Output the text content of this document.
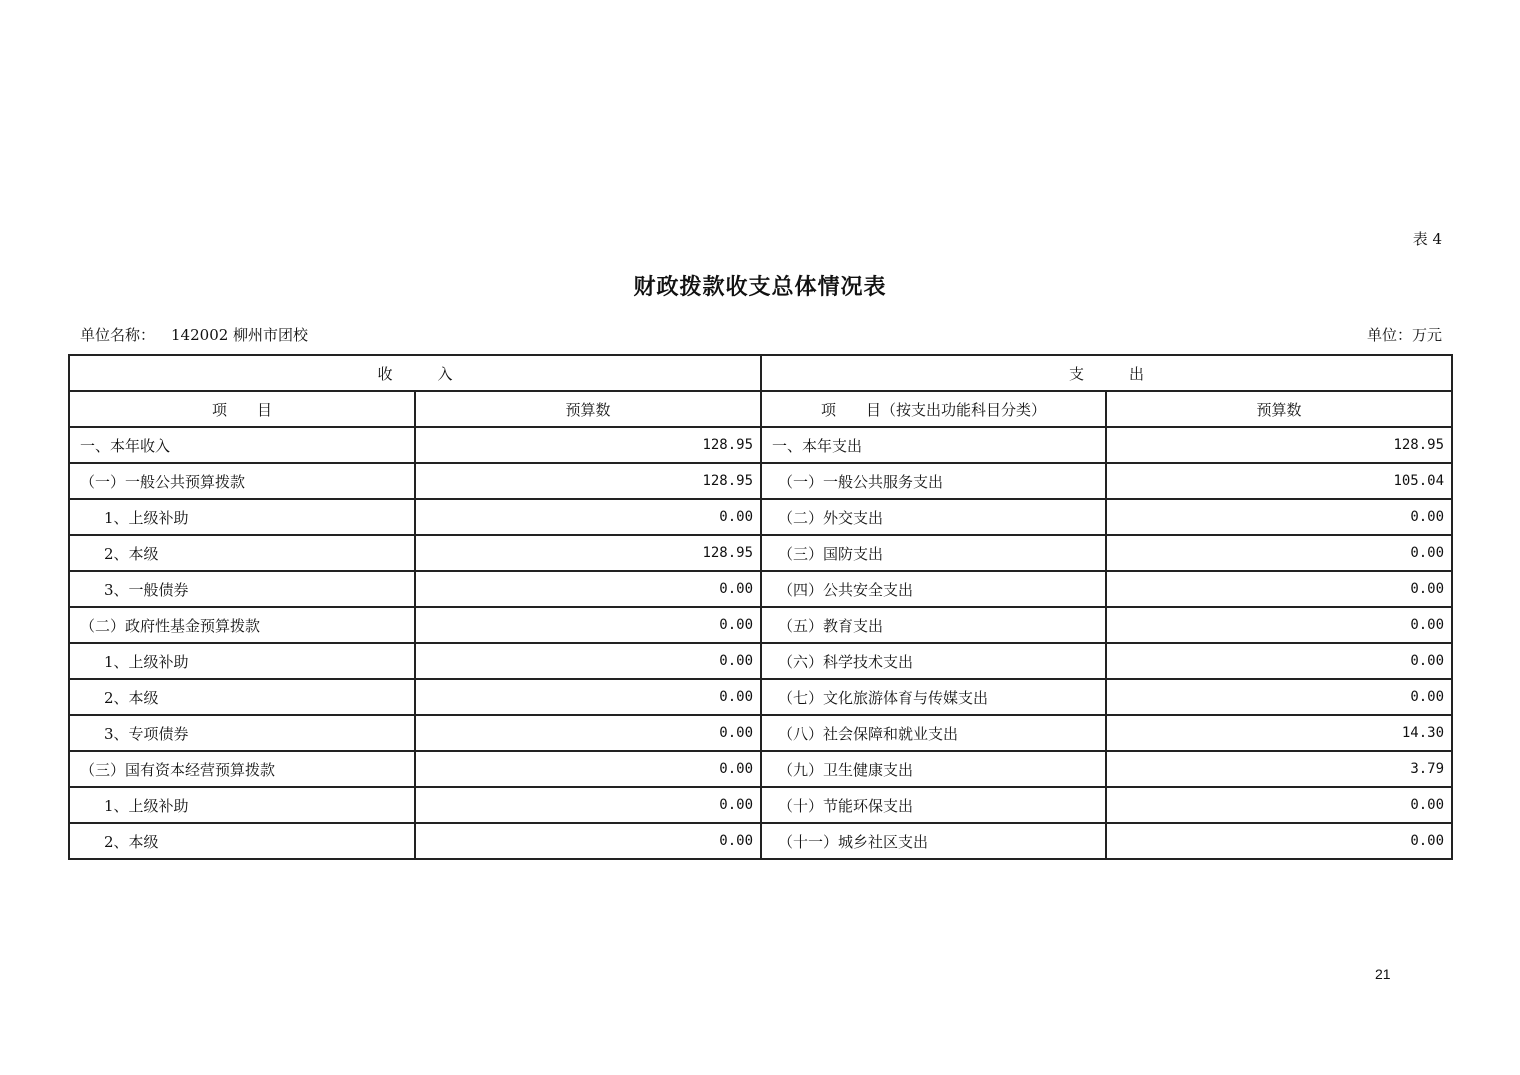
表 4
财政拨款收支总体情况表
单位名称： 142002 柳州市团校	单位：万元
收　　　入		支　　　出	
项　　目	预算数	项　　目（按支出功能科目分类）	预算数
一、本年收入	128.95	一、本年支出	128.95
（一）一般公共预算拨款	128.95	（一）一般公共服务支出	105.04
1、上级补助	0.00	（二）外交支出	0.00
2、本级	128.95	（三）国防支出	0.00
3、一般债券	0.00	（四）公共安全支出	0.00
（二）政府性基金预算拨款	0.00	（五）教育支出	0.00
1、上级补助	0.00	（六）科学技术支出	0.00
2、本级	0.00	（七）文化旅游体育与传媒支出	0.00
3、专项债券	0.00	（八）社会保障和就业支出	14.30
（三）国有资本经营预算拨款	0.00	（九）卫生健康支出	3.79
1、上级补助	0.00	（十）节能环保支出	0.00
2、本级	0.00	（十一）城乡社区支出	0.00
21
